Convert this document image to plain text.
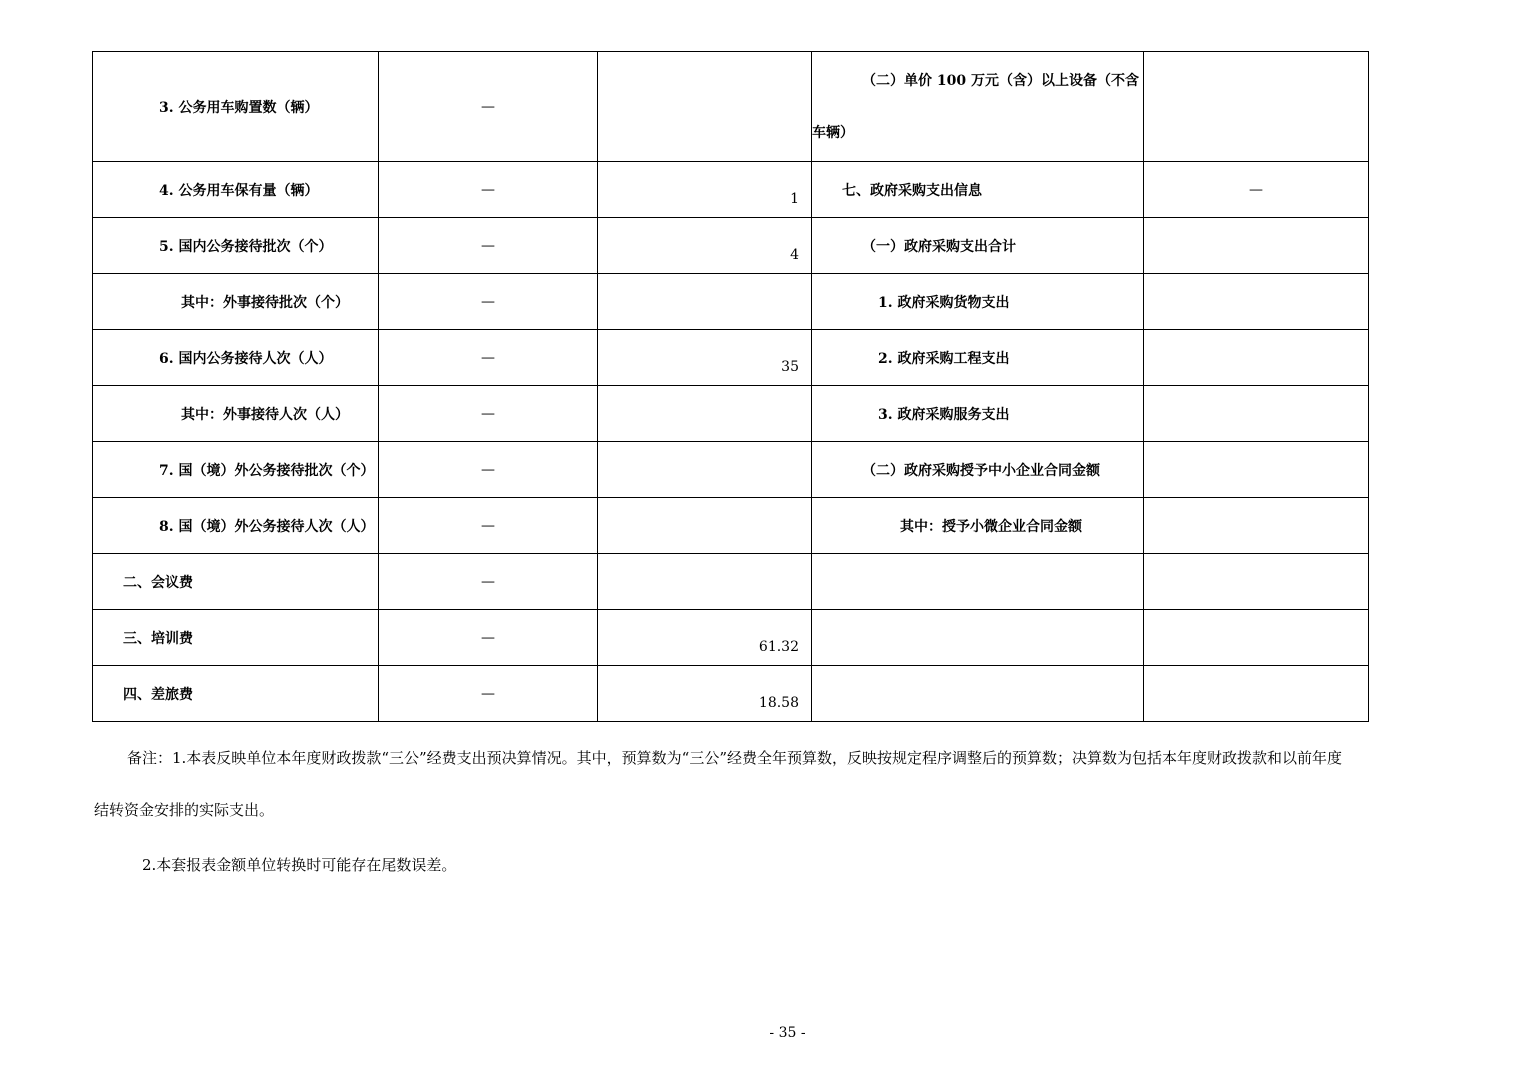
3. 公务用车购置数（辆）	—		（二）单价 100 万元（含）以上设备（不含车辆）	

4. 公务用车保有量（辆）	—	1	七、政府采购支出信息	—
5. 国内公务接待批次（个）	—	4	（一）政府采购支出合计	
其中：外事接待批次（个）	—		1. 政府采购货物支出	
6. 国内公务接待人次（人）	—	35	2. 政府采购工程支出	
其中：外事接待人次（人）	—		3. 政府采购服务支出	
7. 国（境）外公务接待批次（个）	—		（二）政府采购授予中小企业合同金额	
8. 国（境）外公务接待人次（人）	—		其中：授予小微企业合同金额	
二、会议费	—			
三、培训费	—	61.32		
四、差旅费	—	18.58		
备注：1.本表反映单位本年度财政拨款“三公”经费支出预决算情况。其中，预算数为“三公”经费全年预算数，反映按规定程序调整后的预算数；决算数为包括本年度财政拨款和以前年度
结转资金安排的实际支出。
2.本套报表金额单位转换时可能存在尾数误差。
- 35 -
